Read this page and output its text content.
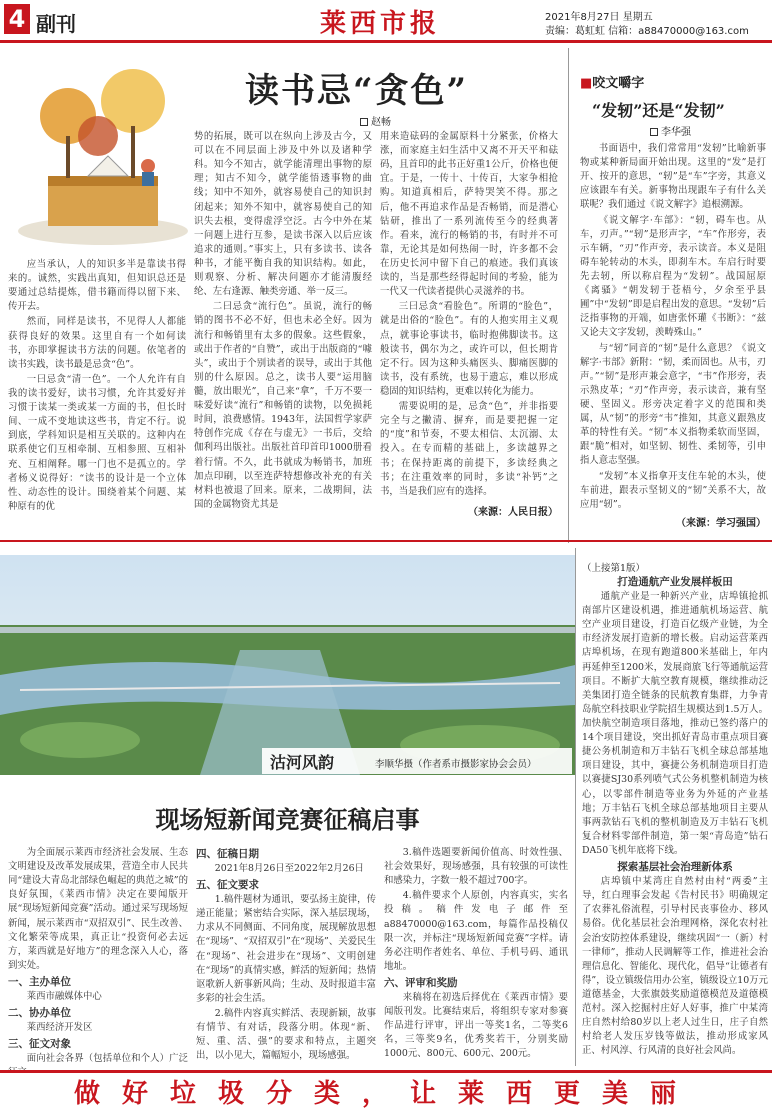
4 副刊	莱西市报	2021年8月27日 星期五
责编：葛虹虹 信箱：a88470000@163.com
读书忌“贪色”
赵畅

应当承认，人的知识多半是靠读书得来的。诚然，实践出真知，但知识总还是要通过总结提炼，借书籍而得以留下来、传开去。

然而，同样是读书，不见得人人都能获得良好的效果。这里自有一个如何读书，亦即掌握读书方法的问题。依笔者的读书实践，读书最是忌贪“色”。

一曰忌贪“清一色”。一个人允许有自我的读书爱好，读书习惯，允许其爱好并习惯于读某一类或某一方面的书，但长时间、一成不变地读这些书，肯定不行。说到底，学科知识是相互关联的。这种内在联系使它们互相牵制、互相参照、互相补充、互相阐释。哪一门也不是孤立的。学者杨义说得好：“读书的设计是一个立体性、动态性的设计。围绕着某个问题、某种原有的优

势的拓展，既可以在纵向上涉及古今，又可以在不同层面上涉及中外以及诸种学科。知今不知古，就学能清理出事物的原理；知古不知今，就学能悟透事物的曲线；知中不知外，就容易使自己的知识封闭起来；知外不知中，就容易使自己的知识失去根，变得虚浮空泛。古今中外在某一问题上进行互参，是读书深入以后应该追求的通则。”事实上，只有多读书、读各种书，才能平衡自我的知识结构。如此，则观察、分析、解决问题亦才能清腹经纶、左右逢源、触类旁通、举一反三。

二曰忌贪“流行色”。虽说，流行的畅销的图书不必不好，但也未必全好。因为流行和畅销里有太多的假象。这些假象，或出于作者的“自赞”，或出于出版商的“噱头”，或出于个别读者的误导，或出于其他别的什么原因。总之，读书人要“运用脑髓，放出眼光”，自己来“拿”，千万不要一味爱好读“流行”和畅销的读物，以免损耗时间，浪费感情。1943年，法国哲学家萨特创作完成《存在与虚无》一书后，交给伽利玛出版社。出版社首印首印1000册看着行情。不久，此书就成为畅销书，加班加点印刷，以至连萨特想修改补充的有关材料也被退了回来。原来，二战期间，法国的金属物资尤其是

用来造砝码的金属原料十分紧张，价格大涨，而家庭主妇生活中又离不开天平和砝码，且首印的此书正好重1公斤，价格也便宜。于是，一传十、十传百，大家争相抢购。知道真相后，萨特哭笑不得。那之后，他不再追求作品是否畅销，而是潜心钻研，推出了一系列流传至今的经典著作。看来，流行的畅销的书，有时并不可靠，无论其是如何热闹一时，许多都不会在历史长河中留下自己的痕迹。我们真该读的，当是那些经得起时间的考验，能为一代又一代读者提供心灵滋养的书。

三曰忌贪“看脸色”。所谓的“脸色”，就是出俗的“脸色”。有的人抱实用主义观点，就事论事读书，临时抱佛脚读书。这般读书，偶尔为之，或许可以，但长期肯定不行。因为这种头痛医头、脚痛医脚的读书，没有系统，也易于遗忘，难以形成稳固的知识结构，更难以转化为能力。

需要说明的是，忌贪“色”，并非指要完全与之撇清、摒弃，而是要把握一定的“度”和节奏，不要太相信、太沉溺、太投入。在专而精的基础上，多读越界之书；在保持距离的前提下，多读经典之书；在注重效率的同时，多读“补钙”之书，当是我们应有的选择。

（来源：人民日报）
■咬文嚼字
“发轫”还是“发韧”
李华强

书面语中，我们常常用“发轫”比喻新事物或某种新局面开始出现。这里的“发”是打开、按开的意思，“轫”是“车”字旁，其意义应该跟车有关。新事物出现跟车子有什么关联呢？我们通过《说文解字》追根溯源。

《说文解字·车部》：“轫，碍车也。从车，刃声。”“轫”是形声字，“车”作形旁，表示车辆，“刃”作声旁，表示读音。本义是阻碍车轮转动的木头，即刹车木。车启行时要先去轫，所以称启程为“发轫”。战国屈原《离骚》“朝发轫于苍梧兮，夕余至乎县圃”中“发轫”即是启程出发的意思。“发轫”后泛指事物的开端，如唐张怀瓘《书断》：“兹又论夫文字发轫，羡畴殊山。”

与“轫”同音的“韧”是什么意思？《说文解字·韦部》新附：“韧，柔而固也。从韦，刃声。”“韧”是形声兼会意字，“韦”作形旁，表示熟皮革；“刃”作声旁，表示读音，兼有坚硬、坚固义。形旁决定着字义的范围和类属，从“韧”的形旁“韦”推知，其意义跟熟皮革的特性有关。“韧”本义指物柔软而坚固，跟“脆”相对，如坚韧、韧性、柔韧等，引申指人意志坚强。

“发轫”本义指拿开支住车轮的木头，使车前进，跟表示坚韧义的“韧”关系不大，故应用“轫”。

（来源：学习强国）
沽河风韵	李顺华摄（作者系市摄影家协会会员）
（上接第1版）

打造通航产业发展样板田

通航产业是一种新兴产业，店埠镇抢抓南部片区建设机遇，推进通航机场运营、航空产业项目建设，打造百亿级产业链，为全市经济发展打造新的增长极。启动运营莱西店埠机场，在现有跑道800米基础上，年内再延伸至1200米，发展商旅飞行等通航运营项目。不断扩大航空教育规模，继续推动泛美集团打造全链条的民航教育集群，力争青岛航空科技职业学院招生规模达到1.5万人。加快航空制造项目落地，推动已签约落户的14个项目建设，突出抓好青岛市重点项目赛捷公务机制造和万丰钻石飞机全球总部基地项目建设，其中，赛捷公务机制造项目打造以赛捷SJ30系列喷气式公务机整机制造为核心，以零部件制造等业务为外延的产业基地；万丰钻石飞机全球总部基地项目主要从事两款钻石飞机的整机制造及万丰钻石飞机复合材料零部件制造，第一架“青岛造”钻石DA50飞机年底将下线。

探索基层社会治理新体系

店埠镇中某湾庄自然村由村“两委”主导，红白理事会发起《告村民书》明确规定了农葬礼俗流程，引导村民丧事俭办、移风易俗。优化基层社会治理网格，深化农村社会治安防控体系建设，继续巩固“一（新）村一律师”，推动人民调解等工作，推进社会治理信息化、智能化、现代化，倡导“让德者有得”，设立镇级信用办公室，镇级设立10万元道德基金，大张旗鼓奖励道德模范及道德模范村。深入挖掘村庄好人好事，推广中某湾庄自然村给80岁以上老人过生日，庄子自然村给老人发压岁钱等做法，推动形成家风正、村风淳、行风清的良好社会风尚。

现场短新闻竞赛征稿启事

为全面展示莱西市经济社会发展、生态文明建设及改革发展成果，营造全市人民共同“建设大青岛北部绿色崛起的典范之城”的良好氛围，《莱西市情》决定在要闻版开展“现场短新闻竞赛”活动。通过采写现场短新闻，展示莱西市“双招双引”、民生改善、文化繁荣等成果，真正让“投资何必去远方，莱西就是好地方”的理念深入人心，落到实处。

一、主办单位

莱西市融媒体中心

二、协办单位

莱西经济开发区

三、征文对象

面向社会各界（包括单位和个人）广泛

四、征稿日期

2021年8月26日至2022年2月26日

五、征文要求

1.稿件题材为通讯，要弘扬主旋律，传递正能量；紧密结合实际，深入基层现场，力求从不同侧面、不同角度，展现解放思想在“现场”、“双招双引”在“现场”、关爱民生在“现场”、社会进步在“现场”、文明创建在“现场”的真情实感，鲜活的短新闻；热情讴歌新人新事新风尚；生动、及时报道丰富多彩的社会生活。

2.稿件内容真实鲜活、表现新颖，故事有情节、有对话，段落分明。体现“新、短、重、活、强”的要求和特点，主题突出，以小见大，篇幅短小，现场感强。

3.稿件选题要新闻价值高、时效性强、社会效果好，现场感强，具有较强的可读性和感染力，字数一般不超过700字。

4.稿件要求个人原创，内容真实，实名投稿。稿件发电子邮件至a88470000@163.com，每篇作品投稿仅限一次，并标注“现场短新闻竞赛”字样。请务必注明作者姓名、单位、手机号码、通讯地址。

六、评审和奖励

来稿将在初选后择优在《莱西市情》要闻版刊发。比赛结束后，将组织专家对参赛作品进行评审，评出一等奖1名，二等奖6名，三等奖9名，优秀奖若干，分别奖励1000元、800元、600元、200元。

做好垃圾分类，让莱西更美丽
